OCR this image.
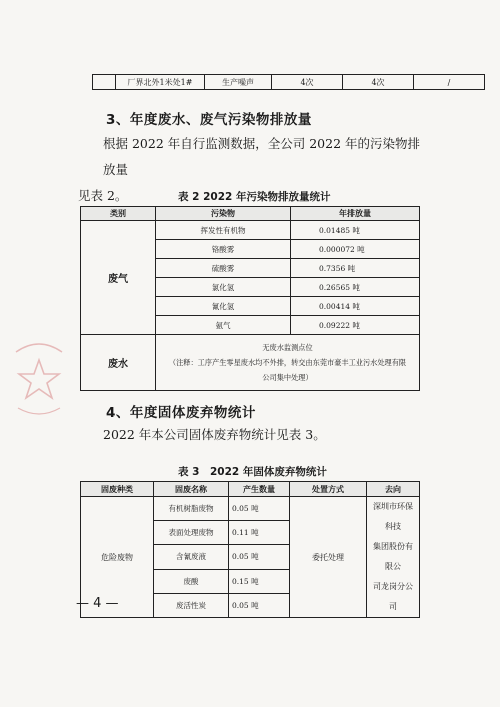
	厂界北外1米处1#	生产噪声	4次	4次	/
3、年度废水、废气污染物排放量
根据 2022 年自行监测数据，全公司 2022 年的污染物排放量
见表 2。	表 2 2022 年污染物排放量统计
类别	污染物	年排放量
废气	挥发性有机物	0.01485 吨
	铬酸雾	0.000072 吨
	硫酸雾	0.7356 吨
	氯化氢	0.26565 吨
	氰化氢	0.00414 吨
	氨气	0.09222 吨
废水	无废水监测点位
（注释：工序产生零星废水均不外排，转交由东莞市豪丰工业污水处理有限
公司集中处理）	
4、年度固体废弃物统计
2022 年本公司固体废弃物统计见表 3。
表 3　2022 年固体废弃物统计
固废种类	固废名称	产生数量	处置方式	去向
危险废物	有机树脂废物	0.05 吨	委托处理	深圳市环保科技
集团股份有限公
司龙岗分公司

	表面处理废物	0.11 吨		
	含氰废液	0.05 吨		
	废酸	0.15 吨		
	废活性炭	0.05 吨		
— 4 —
